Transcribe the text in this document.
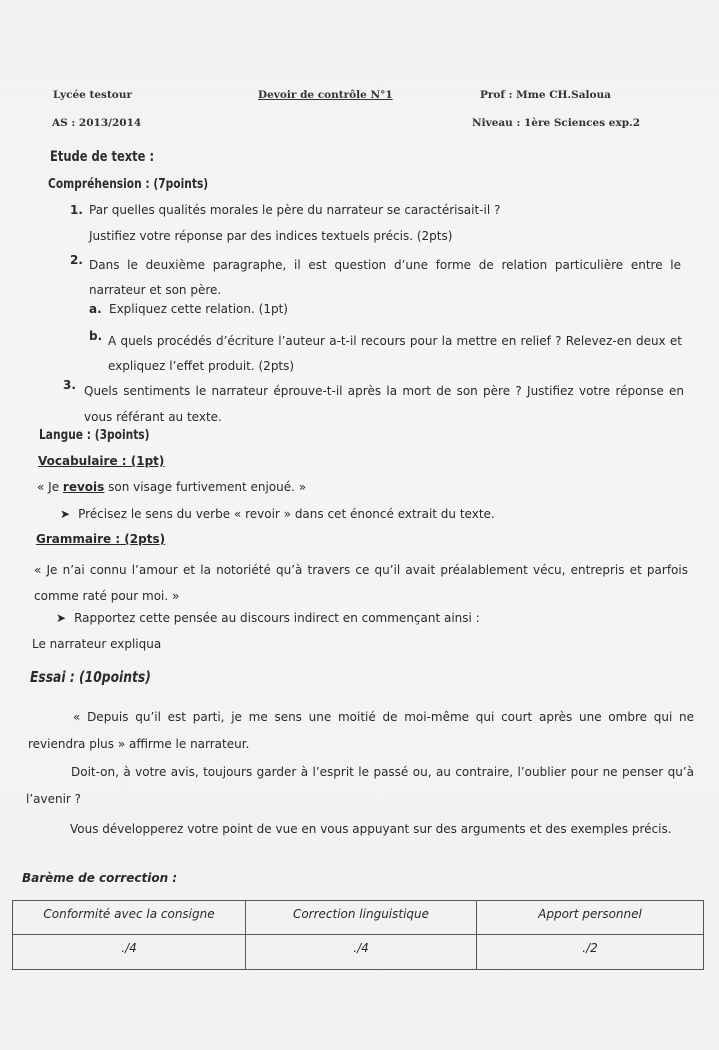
Lycée testour	Devoir de contrôle N°1	Prof : Mme CH.Saloua
AS : 2013/2014	Niveau : 1ère Sciences exp.2
Etude de texte :
Compréhension : (7points)
1. Par quelles qualités morales le père du narrateur se caractérisait-il ?
Justifiez votre réponse par des indices textuels précis. (2pts)
2. Dans le deuxième paragraphe, il est question d’une forme de relation particulière entre le narrateur et son père.
a. Expliquez cette relation. (1pt)
b. A quels procédés d’écriture l’auteur a-t-il recours pour la mettre en relief ? Relevez-en deux et expliquez l’effet produit. (2pts)
3. Quels sentiments le narrateur éprouve-t-il après la mort de son père ? Justifiez votre réponse en vous référant au texte.
Langue : (3points)
Vocabulaire : (1pt)
« Je revois son visage furtivement enjoué. »
➤ Précisez le sens du verbe « revoir » dans cet énoncé extrait du texte.
Grammaire : (2pts)
« Je n’ai connu l’amour et la notoriété qu’à travers ce qu’il avait préalablement vécu, entrepris et parfois comme raté pour moi. »
➤ Rapportez cette pensée au discours indirect en commençant ainsi :
Le narrateur expliqua
Essai : (10points)
« Depuis qu’il est parti, je me sens une moitié de moi-même qui court après une ombre qui ne reviendra plus » affirme le narrateur.
Doit-on, à votre avis, toujours garder à l’esprit le passé ou, au contraire, l’oublier pour ne penser qu’à l’avenir ?
Vous développerez votre point de vue en vous appuyant sur des arguments et des exemples précis.
Barème de correction :
Conformité avec la consigne	Correction linguistique	Apport personnel
./4	./4	./2
